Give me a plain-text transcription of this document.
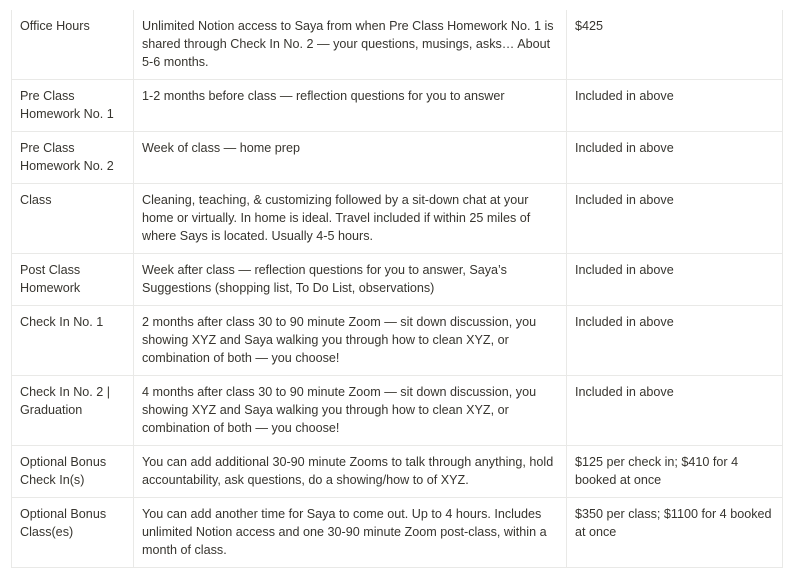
Office Hours	Unlimited Notion access to Saya from when Pre Class Homework No. 1 is shared through Check In No. 2 — your questions, musings, asks… About 5-6 months.	$425
Pre Class Homework No. 1	1-2 months before class — reflection questions for you to answer	Included in above
Pre Class Homework No. 2	Week of class — home prep	Included in above
Class	Cleaning, teaching, & customizing followed by a sit-down chat at your home or virtually. In home is ideal. Travel included if within 25 miles of where Says is located. Usually 4-5 hours.	Included in above
Post Class Homework	Week after class — reflection questions for you to answer, Saya’s Suggestions (shopping list, To Do List, observations)	Included in above
Check In No. 1	2 months after class 30 to 90 minute Zoom — sit down discussion, you showing XYZ and Saya walking you through how to clean XYZ, or combination of both — you choose!	Included in above
Check In No. 2 | Graduation	4 months after class 30 to 90 minute Zoom — sit down discussion, you showing XYZ and Saya walking you through how to clean XYZ, or combination of both — you choose!	Included in above
Optional Bonus Check In(s)	You can add additional 30-90 minute Zooms to talk through anything, hold accountability, ask questions, do a showing/how to of XYZ.	$125 per check in; $410 for 4 booked at once
Optional Bonus Class(es)	You can add another time for Saya to come out. Up to 4 hours. Includes unlimited Notion access and one 30-90 minute Zoom post-class, within a month of class.	$350 per class; $1100 for 4 booked at once
